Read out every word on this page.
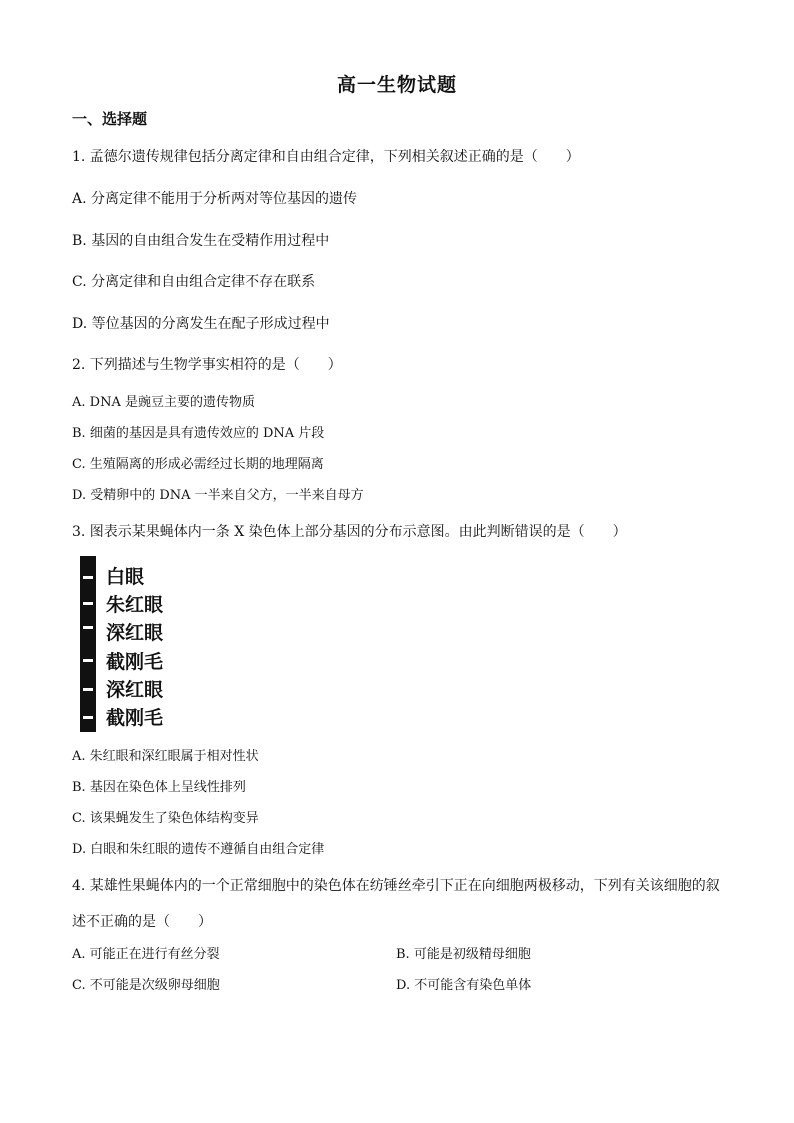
高一生物试题
一、选择题
1. 孟德尔遗传规律包括分离定律和自由组合定律，下列相关叙述正确的是（　　）
A. 分离定律不能用于分析两对等位基因的遗传
B. 基因的自由组合发生在受精作用过程中
C. 分离定律和自由组合定律不存在联系
D. 等位基因的分离发生在配子形成过程中
2. 下列描述与生物学事实相符的是（　　）
A. DNA 是豌豆主要的遗传物质
B. 细菌的基因是具有遗传效应的 DNA 片段
C. 生殖隔离的形成必需经过长期的地理隔离
D. 受精卵中的 DNA 一半来自父方，一半来自母方
3. 图表示某果蝇体内一条 X 染色体上部分基因的分布示意图。由此判断错误的是（　　）
白眼
朱红眼
深红眼
截刚毛
深红眼
截刚毛
A. 朱红眼和深红眼属于相对性状
B. 基因在染色体上呈线性排列
C. 该果蝇发生了染色体结构变异
D. 白眼和朱红眼的遗传不遵循自由组合定律
4. 某雄性果蝇体内的一个正常细胞中的染色体在纺锤丝牵引下正在向细胞两极移动，下列有关该细胞的叙
述不正确的是（　　）
A. 可能正在进行有丝分裂	B. 可能是初级精母细胞
C. 不可能是次级卵母细胞	D. 不可能含有染色单体
